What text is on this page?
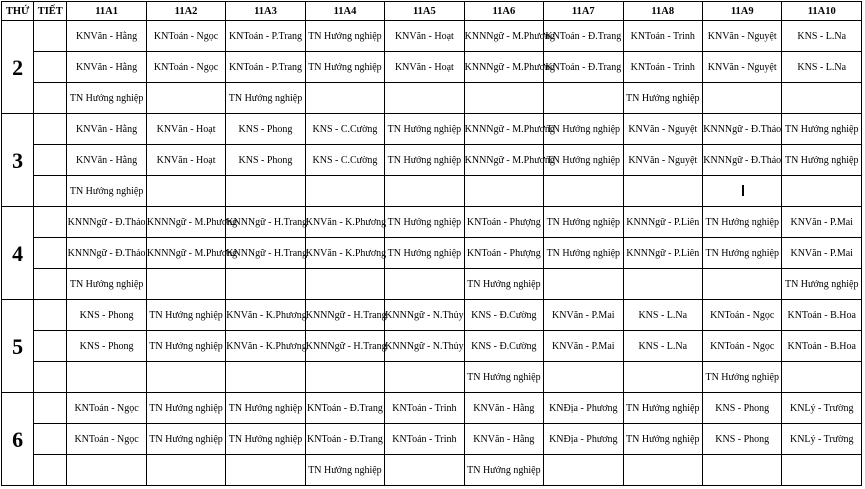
THỨ	TIẾT	11A1	11A2	11A3	11A4	11A5	11A6	11A7	11A8	11A9	11A10
2		KNVăn - Hằng	KNToán - Ngọc	KNToán - P.Trang	TN Hướng nghiệp	KNVăn - Hoạt	KNNNgữ - M.Phương	KNToán - Đ.Trang	KNToán - Trinh	KNVăn - Nguyệt	KNS - L.Na
		KNVăn - Hằng	KNToán - Ngọc	KNToán - P.Trang	TN Hướng nghiệp	KNVăn - Hoạt	KNNNgữ - M.Phương	KNToán - Đ.Trang	KNToán - Trinh	KNVăn - Nguyệt	KNS - L.Na
		TN Hướng nghiệp		TN Hướng nghiệp					TN Hướng nghiệp		
3		KNVăn - Hằng	KNVăn - Hoạt	KNS - Phong	KNS - C.Cường	TN Hướng nghiệp	KNNNgữ - M.Phương	TN Hướng nghiệp	KNVăn - Nguyệt	KNNNgữ - Đ.Thảo	TN Hướng nghiệp
		KNVăn - Hằng	KNVăn - Hoạt	KNS - Phong	KNS - C.Cường	TN Hướng nghiệp	KNNNgữ - M.Phương	TN Hướng nghiệp	KNVăn - Nguyệt	KNNNgữ - Đ.Thảo	TN Hướng nghiệp
		TN Hướng nghiệp								

4		KNNNgữ - Đ.Thảo	KNNNgữ - M.Phương	KNNNgữ - H.Trang	KNVăn - K.Phương	TN Hướng nghiệp	KNToán - Phượng	TN Hướng nghiệp	KNNNgữ - P.Liên	TN Hướng nghiệp	KNVăn - P.Mai
		KNNNgữ - Đ.Thảo	KNNNgữ - M.Phương	KNNNgữ - H.Trang	KNVăn - K.Phương	TN Hướng nghiệp	KNToán - Phượng	TN Hướng nghiệp	KNNNgữ - P.Liên	TN Hướng nghiệp	KNVăn - P.Mai
		TN Hướng nghiệp					TN Hướng nghiệp				TN Hướng nghiệp
5		KNS - Phong	TN Hướng nghiệp	KNVăn - K.Phương	KNNNgữ - H.Trang	KNNNgữ - N.Thủy	KNS - Đ.Cường	KNVăn - P.Mai	KNS - L.Na	KNToán - Ngọc	KNToán - B.Hoa
		KNS - Phong	TN Hướng nghiệp	KNVăn - K.Phương	KNNNgữ - H.Trang	KNNNgữ - N.Thủy	KNS - Đ.Cường	KNVăn - P.Mai	KNS - L.Na	KNToán - Ngọc	KNToán - B.Hoa
							TN Hướng nghiệp			TN Hướng nghiệp	
6		KNToán - Ngọc	TN Hướng nghiệp	TN Hướng nghiệp	KNToán - Đ.Trang	KNToán - Trinh	KNVăn - Hằng	KNĐịa - Phương	TN Hướng nghiệp	KNS - Phong	KNLý - Trường
		KNToán - Ngọc	TN Hướng nghiệp	TN Hướng nghiệp	KNToán - Đ.Trang	KNToán - Trinh	KNVăn - Hằng	KNĐịa - Phương	TN Hướng nghiệp	KNS - Phong	KNLý - Trường
					TN Hướng nghiệp		TN Hướng nghiệp				
